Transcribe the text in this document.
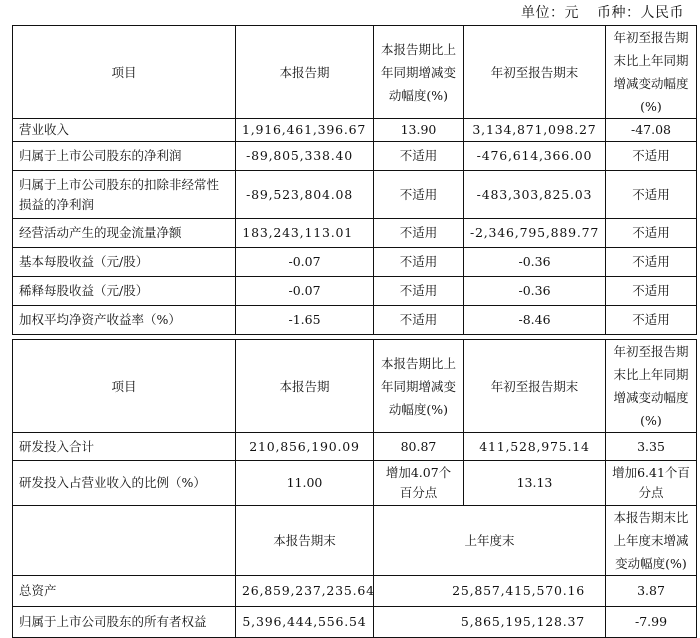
单位：元 币种：人民币
项目	本报告期	本报告期比上年同期增减变动幅度(%)	年初至报告期末	年初至报告期末比上年同期增减变动幅度(%)
营业收入	1,916,461,396.67	13.90	3,134,871,098.27	-47.08
归属于上市公司股东的净利润	-89,805,338.40	不适用	-476,614,366.00	不适用
归属于上市公司股东的扣除非经常性损益的净利润	-89,523,804.08	不适用	-483,303,825.03	不适用
经营活动产生的现金流量净额	183,243,113.01	不适用	-2,346,795,889.77	不适用
基本每股收益（元/股）	-0.07	不适用	-0.36	不适用
稀释每股收益（元/股）	-0.07	不适用	-0.36	不适用
加权平均净资产收益率（%）	-1.65	不适用	-8.46	不适用
项目	本报告期	本报告期比上年同期增减变动幅度(%)	年初至报告期末	年初至报告期末比上年同期增减变动幅度(%)
研发投入合计	210,856,190.09	80.87	411,528,975.14	3.35
研发投入占营业收入的比例（%）	11.00	增加4.07个百分点	13.13	增加6.41个百分点
	本报告期末	上年度末	本报告期末比上年度末增减变动幅度(%)
总资产	26,859,237,235.64	25,857,415,570.16	3.87
归属于上市公司股东的所有者权益	5,396,444,556.54	5,865,195,128.37	-7.99
